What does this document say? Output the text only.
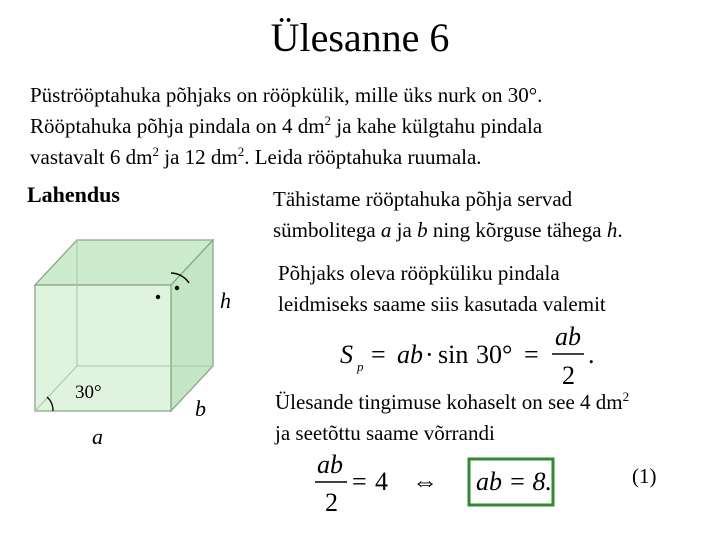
Ülesanne 6
Püströöptahuka põhjaks on rööpkülik, mille üks nurk on 30°.
Rööptahuka põhja pindala on 4 $dm^2$ ja kahe külgtahu pindala
vastavalt 6 $dm^2$ ja 12 $dm^2$. Leida rööptahuka ruumala.
Lahendus	Tähistame rööptahuka põhja servad
sümbolitega a ja b ning kõrguse tähega h.
Põhjaks oleva rööpküliku pindala
leidmiseks saame siis kasutada valemit
Ülesande tingimuse kohaselt on see 4 $dm^2$
ja seetõttu saame võrrandi
30°
h
b
a
S p = ab · sin 30° =
ab
2
.
ab
2
= 4 ⇔ ab = 8.	(1)
